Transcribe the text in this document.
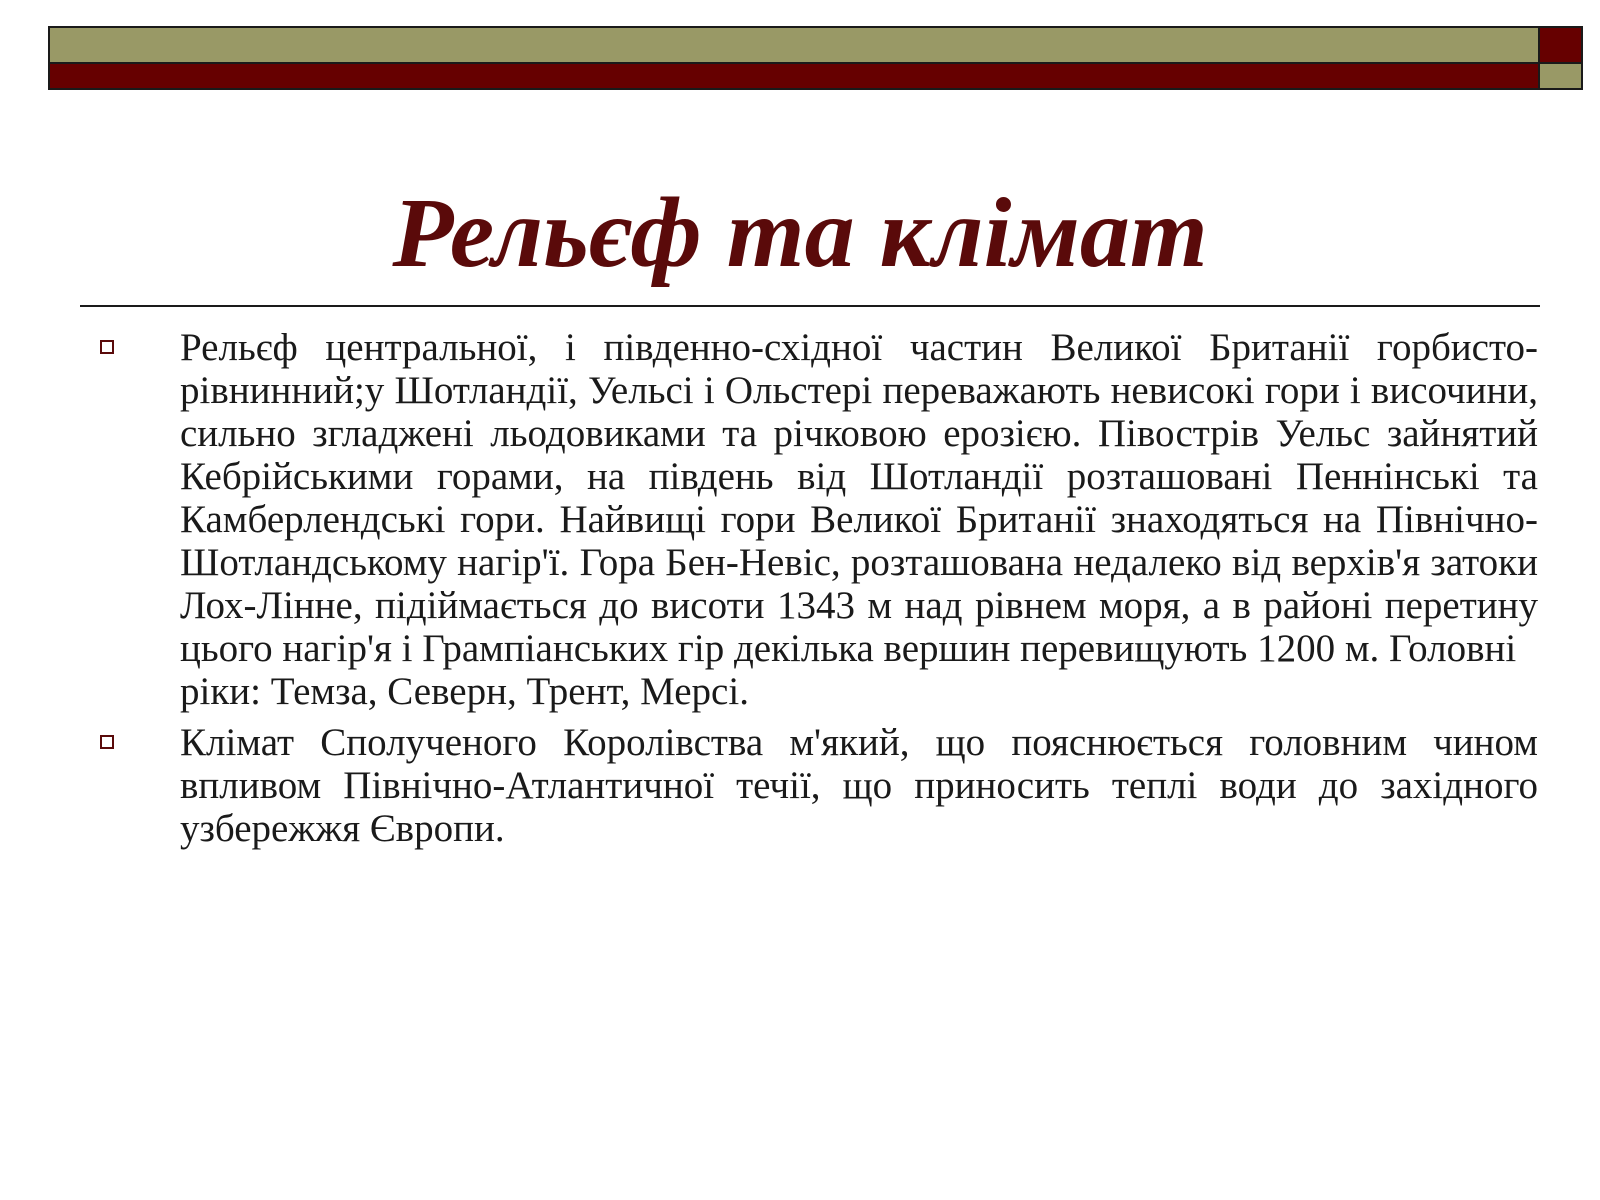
Рельєф та клімат
Рельєф центральної, і південно-східної частин Великої Британії горбисто-рівнинний;у Шотландії, Уельсі і Ольстері переважають невисокі гори і височини, сильно згладжені льодовиками та річковою ерозією. Півострів Уельс зайнятий Кебрійськими горами, на південь від Шотландії розташовані Пеннінські та Камберлендські гори. Найвищі гори Великої Британії знаходяться на Північно-Шотландському нагір'ї. Гора Бен-Невіс, розташована недалеко від верхів'я затоки Лох-Лінне, підіймається до висоти 1343 м над рівнем моря, а в районі перетину цього нагір'я і Грампіанських гір декілька вершин перевищують 1200 м. Головні
ріки: Темза, Северн, Трент, Мерсі.
Клімат Сполученого Королівства м'який, що пояснюється головним чином впливом Північно-Атлантичної течії, що приносить теплі води до західного узбережжя Європи.
